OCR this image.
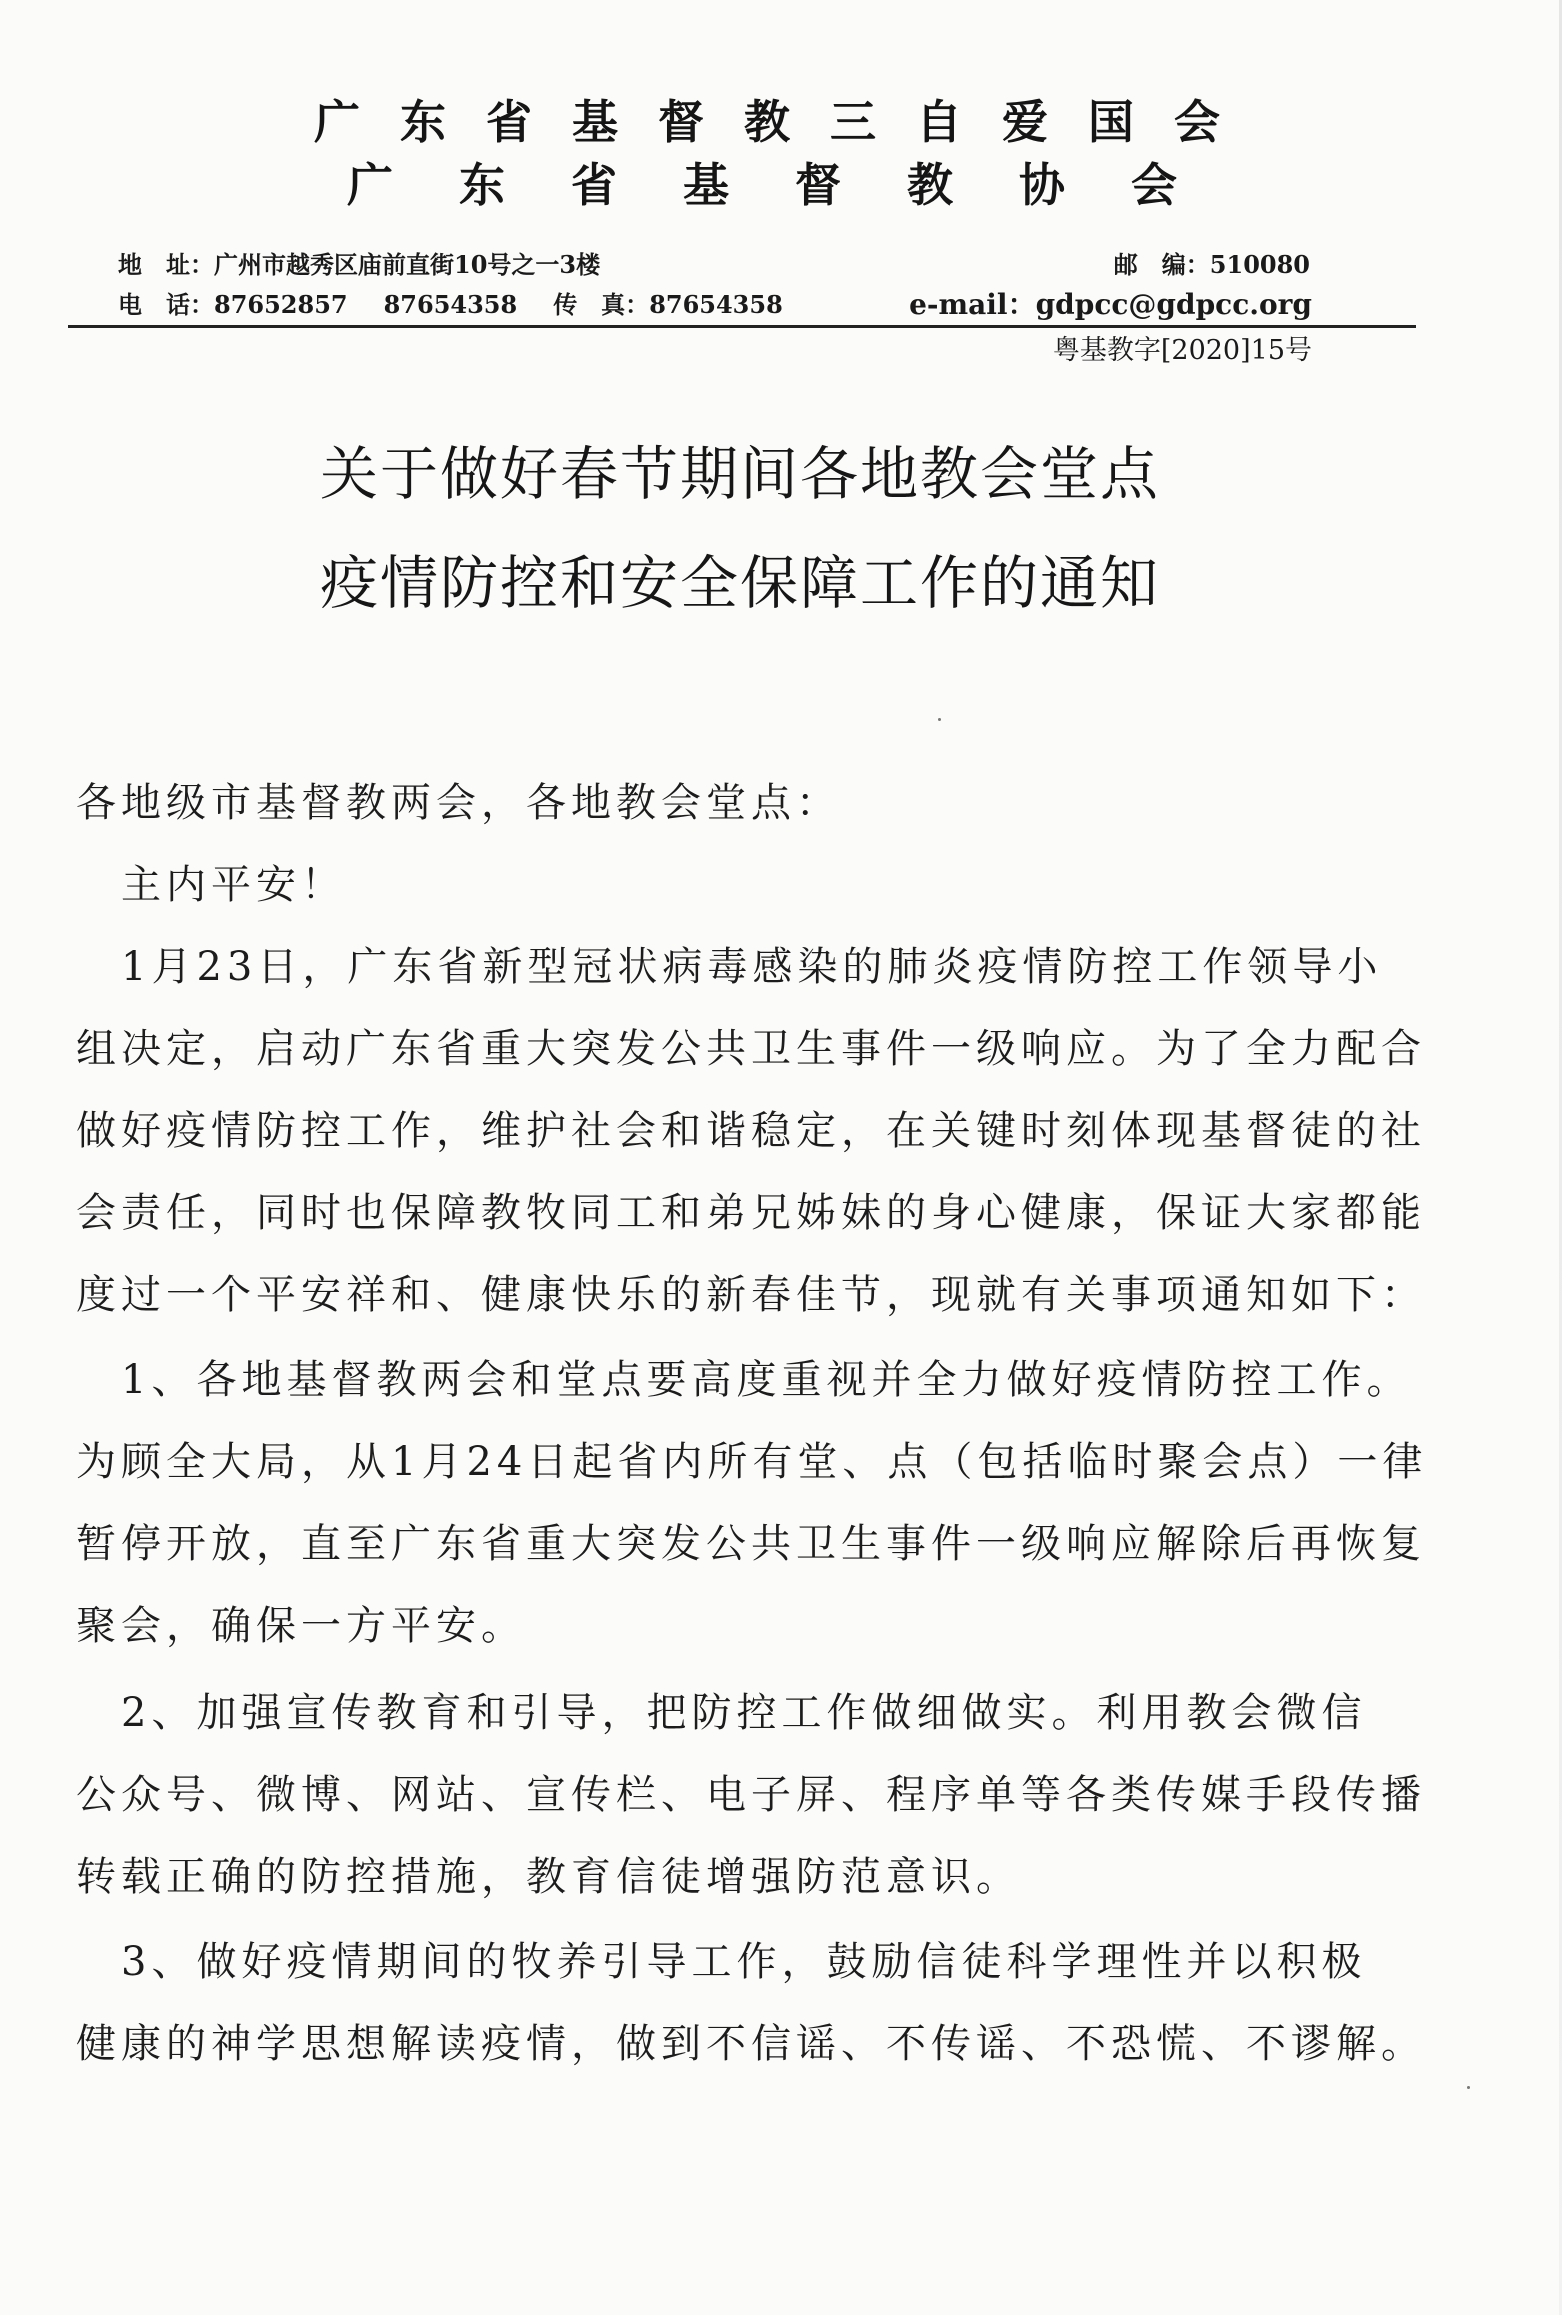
广东省基督教三自爱国会
广东省基督教协会
地　址：广州市越秀区庙前直街10号之一3楼	邮　编：510080
电　话：87652857 87654358 传　真：87654358	e-mail：gdpcc@gdpcc.org
粤基教字[2020]15号
关于做好春节期间各地教会堂点
疫情防控和安全保障工作的通知
各地级市基督教两会，各地教会堂点：
　主内平安！
　1月23日，广东省新型冠状病毒感染的肺炎疫情防控工作领导小
组决定，启动广东省重大突发公共卫生事件一级响应。为了全力配合
做好疫情防控工作，维护社会和谐稳定，在关键时刻体现基督徒的社
会责任，同时也保障教牧同工和弟兄姊妹的身心健康，保证大家都能
度过一个平安祥和、健康快乐的新春佳节，现就有关事项通知如下：
　1、各地基督教两会和堂点要高度重视并全力做好疫情防控工作。
为顾全大局，从1月24日起省内所有堂、点（包括临时聚会点）一律
暂停开放，直至广东省重大突发公共卫生事件一级响应解除后再恢复
聚会，确保一方平安。
　2、加强宣传教育和引导，把防控工作做细做实。利用教会微信
公众号、微博、网站、宣传栏、电子屏、程序单等各类传媒手段传播
转载正确的防控措施，教育信徒增强防范意识。
　3、做好疫情期间的牧养引导工作，鼓励信徒科学理性并以积极
健康的神学思想解读疫情，做到不信谣、不传谣、不恐慌、不谬解。
